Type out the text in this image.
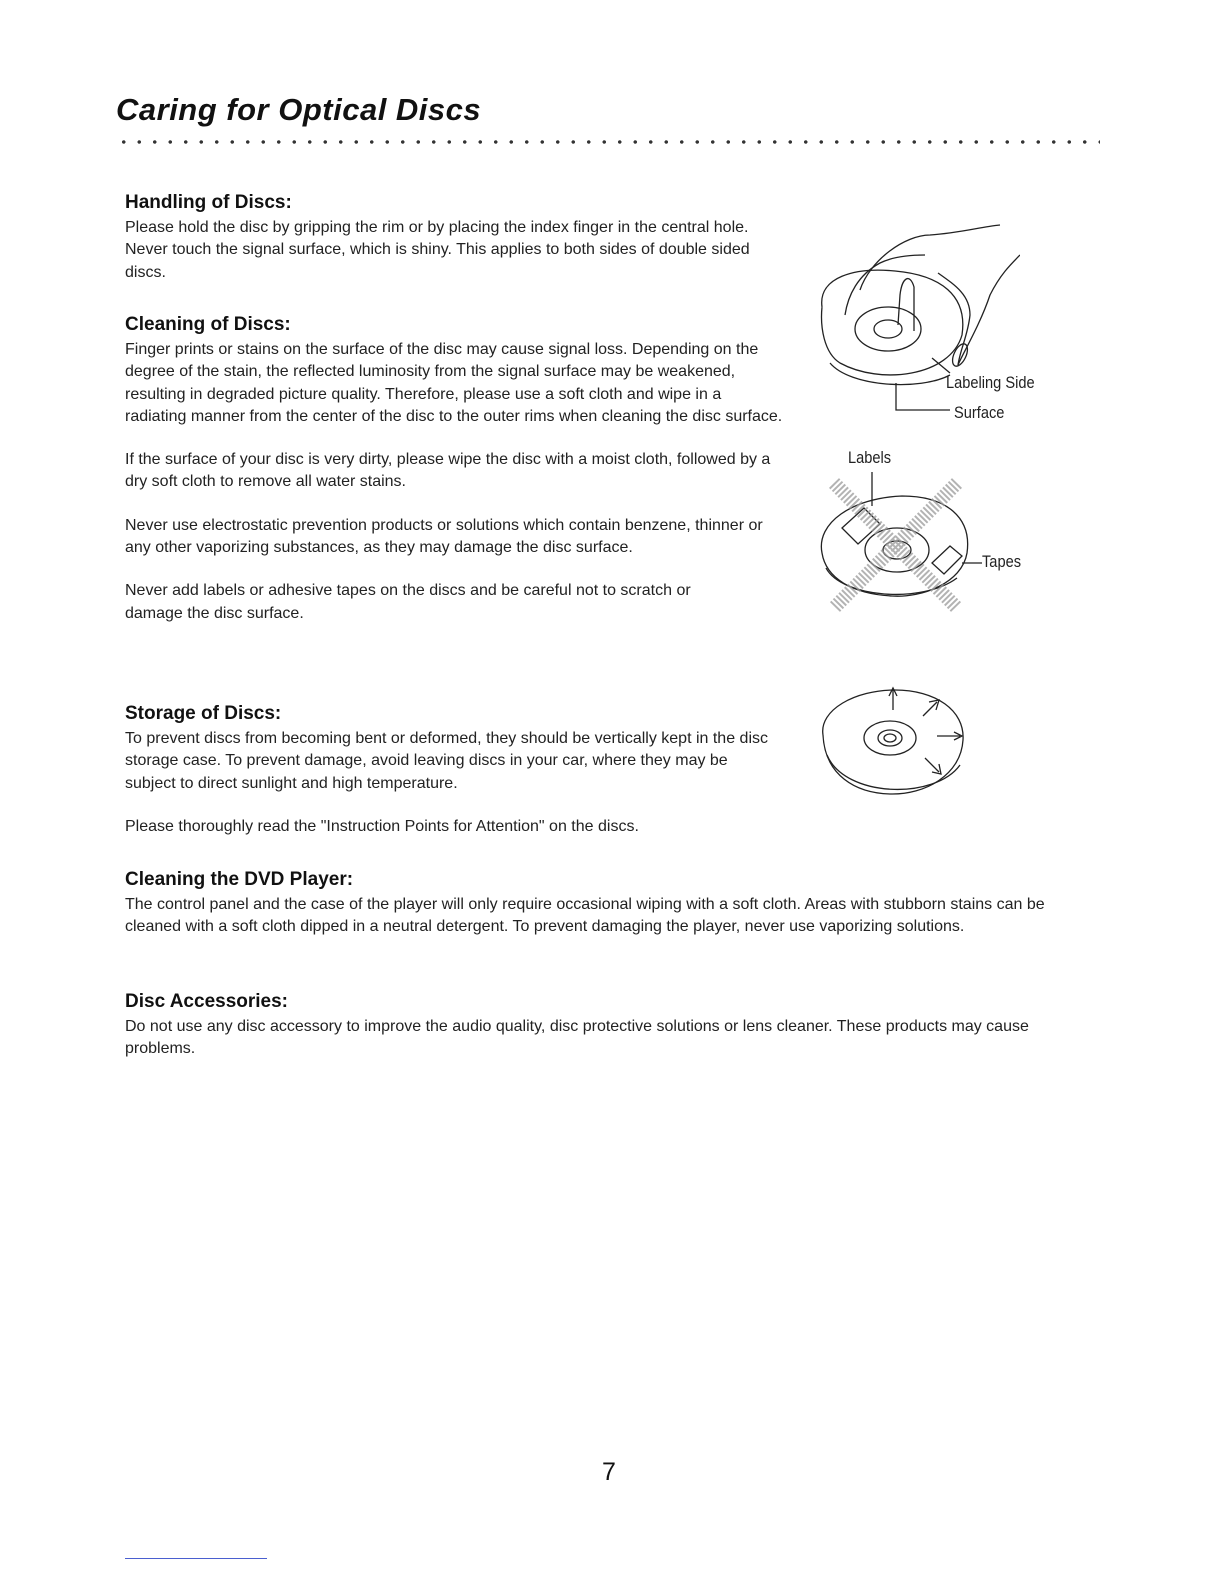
Caring for Optical Discs
Handling of Discs:

Please hold the disc by gripping the rim or by placing the index finger in the central hole. Never touch the signal surface, which is shiny. This applies to both sides of double sided discs.

Cleaning of Discs:

Finger prints or stains on the surface of the disc may cause signal loss. Depending on the degree of the stain, the reflected luminosity from the signal surface may be weakened, resulting in degraded picture quality. Therefore, please use a soft cloth and wipe in a radiating manner from the center of the disc to the outer rims when cleaning the disc surface.

If the surface of your disc is very dirty, please wipe the disc with a moist cloth, followed by a dry soft cloth to remove all water stains.

Never use electrostatic prevention products or solutions which contain benzene, thinner or any other vaporizing substances, as they may damage the disc surface.

Never add labels or adhesive tapes on the discs and be careful not to scratch or damage the disc surface.

Storage of Discs:

To prevent discs from becoming bent or deformed, they should be vertically kept in the disc storage case. To prevent damage, avoid leaving discs in your car, where they may be subject to direct sunlight and high temperature.

Please thoroughly read the "Instruction Points for Attention" on the discs.

Cleaning the DVD Player:

The control panel and the case of the player will only require occasional wiping with a soft cloth. Areas with stubborn stains can be cleaned with a soft cloth dipped in a neutral detergent. To prevent damaging the player, never use vaporizing solutions.

Disc Accessories:

Do not use any disc accessory to improve the audio quality, disc protective solutions or lens cleaner. These products may cause problems.

Labeling Side
Surface
Labels
Tapes
7
